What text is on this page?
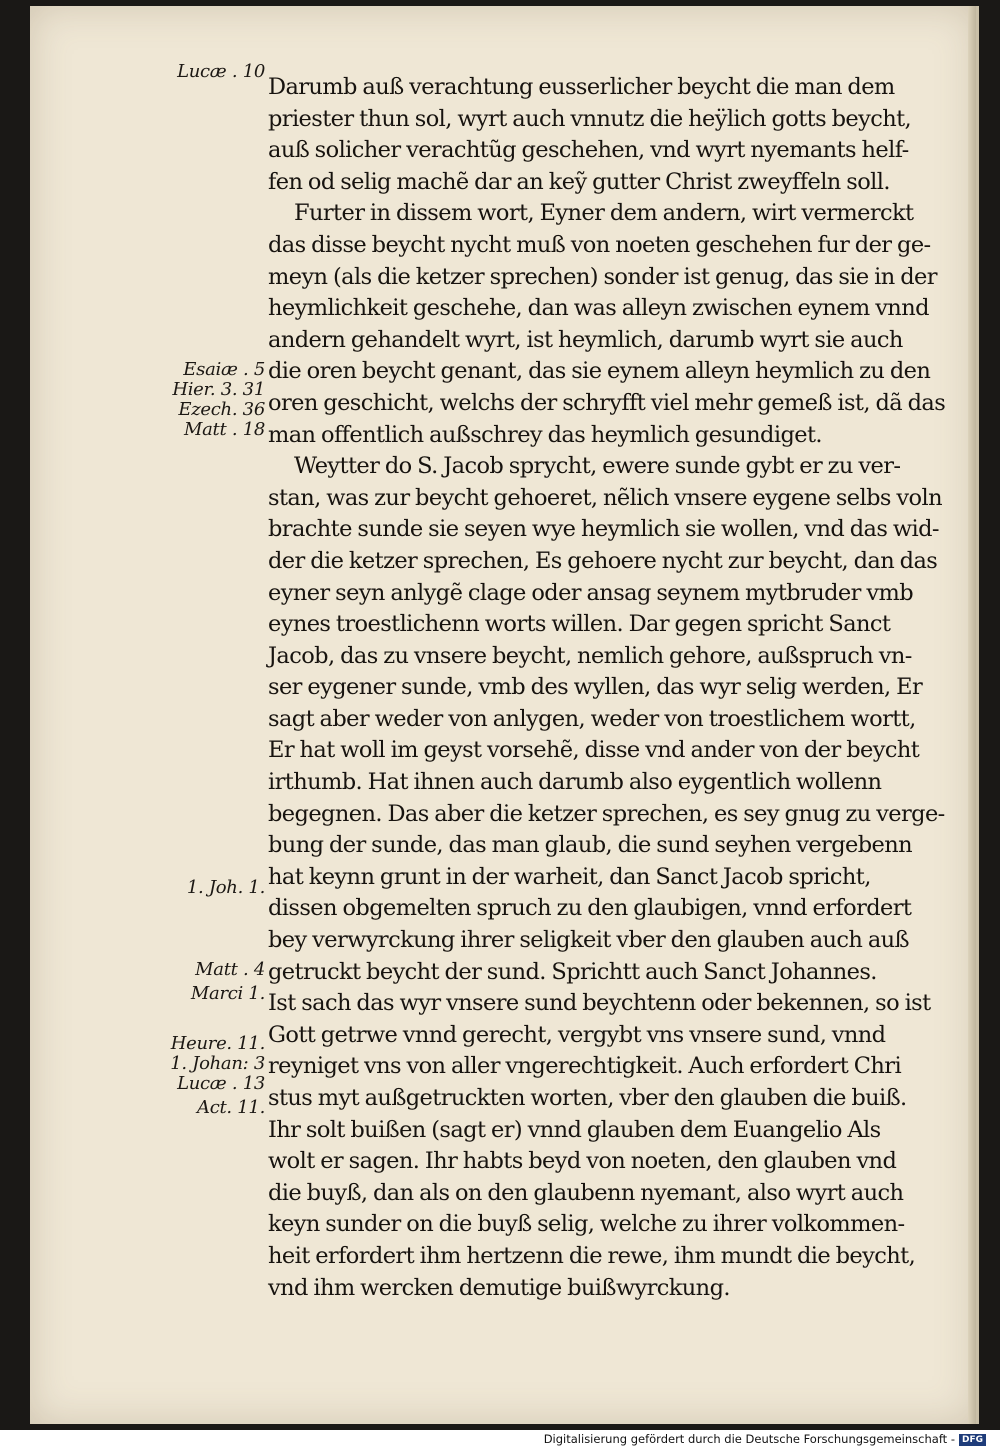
Lucæ . 10
Esaiæ . 5
Hier. 3. 31
Ezech. 36
Matt . 18
1. Joh. 1.
Matt . 4
Marci 1.
Heure. 11.
1. Johan: 3
Lucæ . 13
Act. 11.
Darumb auß verachtung eusserlicher beycht die man dem
priester thun sol, wyrt auch vnnutz die heÿlich gotts beycht,
auß solicher verachtũg geschehen, vnd wyrt nyemants helf-
fen od selig machẽ dar an keỹ gutter Christ zweyffeln soll.
Furter in dissem wort, Eyner dem andern, wirt vermerckt
das disse beycht nycht muß von noeten geschehen fur der ge-
meyn (als die ketzer sprechen) sonder ist genug, das sie in der
heymlichkeit geschehe, dan was alleyn zwischen eynem vnnd
andern gehandelt wyrt, ist heymlich, darumb wyrt sie auch
die oren beycht genant, das sie eynem alleyn heymlich zu den
oren geschicht, welchs der schryfft viel mehr gemeß ist, dã das
man offentlich außschrey das heymlich gesundiget.
Weytter do S. Jacob sprycht, ewere sunde gybt er zu ver-
stan, was zur beycht gehoeret, nẽlich vnsere eygene selbs voln
brachte sunde sie seyen wye heymlich sie wollen, vnd das wid-
der die ketzer sprechen, Es gehoere nycht zur beycht, dan das
eyner seyn anlygẽ clage oder ansag seynem mytbruder vmb
eynes troestlichenn worts willen. Dar gegen spricht Sanct
Jacob, das zu vnsere beycht, nemlich gehore, außspruch vn-
ser eygener sunde, vmb des wyllen, das wyr selig werden, Er
sagt aber weder von anlygen, weder von troestlichem wortt,
Er hat woll im geyst vorsehẽ, disse vnd ander von der beycht
irthumb. Hat ihnen auch darumb also eygentlich wollenn
begegnen. Das aber die ketzer sprechen, es sey gnug zu verge-
bung der sunde, das man glaub, die sund seyhen vergebenn
hat keynn grunt in der warheit, dan Sanct Jacob spricht,
dissen obgemelten spruch zu den glaubigen, vnnd erfordert
bey verwyrckung ihrer seligkeit vber den glauben auch auß
getruckt beycht der sund. Sprichtt auch Sanct Johannes.
Ist sach das wyr vnsere sund beychtenn oder bekennen, so ist
Gott getrwe vnnd gerecht, vergybt vns vnsere sund, vnnd
reyniget vns von aller vngerechtigkeit. Auch erfordert Chri
stus myt außgetruckten worten, vber den glauben die buiß.
Ihr solt buißen (sagt er) vnnd glauben dem Euangelio Als
wolt er sagen. Ihr habts beyd von noeten, den glauben vnd
die buyß, dan als on den glaubenn nyemant, also wyrt auch
keyn sunder on die buyß selig, welche zu ihrer volkommen-
heit erfordert ihm hertzenn die rewe, ihm mundt die beycht,
vnd ihm wercken demutige buißwyrckung.
Digitalisierung gefördert durch die Deutsche Forschungsgemeinschaft - DFG
